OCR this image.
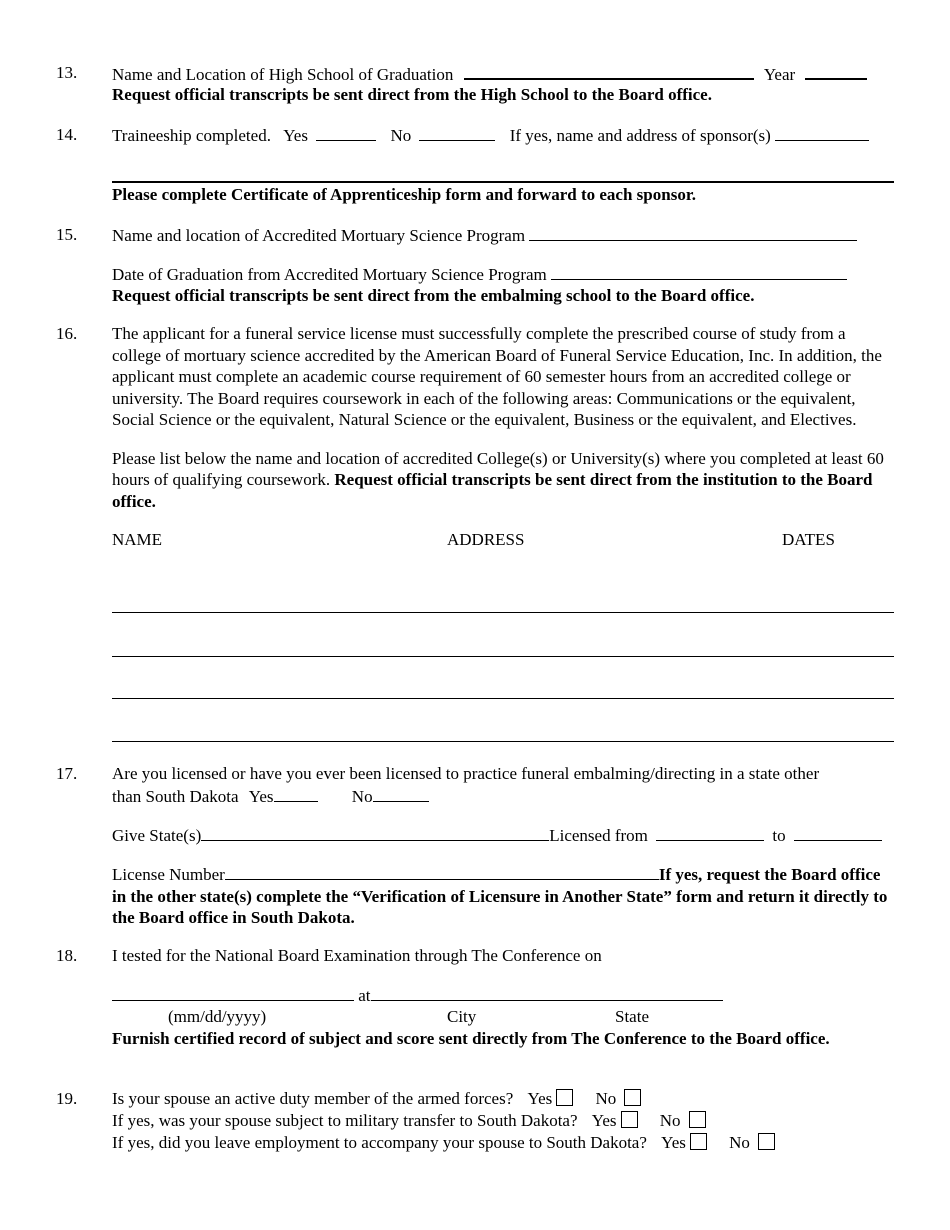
13. Name and Location of High School of Graduation	Year
Request official transcripts be sent direct from the High School to the Board office.
14. Traineeship completed. Yes	No	If yes, name and address of sponsor(s)
Please complete Certificate of Apprenticeship form and forward to each sponsor.
15. Name and location of Accredited Mortuary Science Program
Date of Graduation from Accredited Mortuary Science Program
Request official transcripts be sent direct from the embalming school to the Board office.
16. The applicant for a funeral service license must successfully complete the prescribed course of study from a college of mortuary science accredited by the American Board of Funeral Service Education, Inc. In addition, the applicant must complete an academic course requirement of 60 semester hours from an accredited college or university. The Board requires coursework in each of the following areas: Communications or the equivalent, Social Science or the equivalent, Natural Science or the equivalent, Business or the equivalent, and Electives.
Please list below the name and location of accredited College(s) or University(s) where you completed at least 60 hours of qualifying coursework. Request official transcripts be sent direct from the institution to the Board office.
NAME	ADDRESS	DATES
17. Are you licensed or have you ever been licensed to practice funeral embalming/directing in a state other
than South Dakota Yes	No
Give State(s)	Licensed from	to
License Number	If yes, request the Board office in the other state(s) complete the “Verification of Licensure in Another State” form and return it directly to the Board office in South Dakota.
18. I tested for the National Board Examination through The Conference on
at
(mm/dd/yyyy)	City	State
Furnish certified record of subject and score sent directly from The Conference to the Board office.
19. Is your spouse an active duty member of the armed forces? Yes	No
If yes, was your spouse subject to military transfer to South Dakota? Yes	No
If yes, did you leave employment to accompany your spouse to South Dakota? Yes	No
